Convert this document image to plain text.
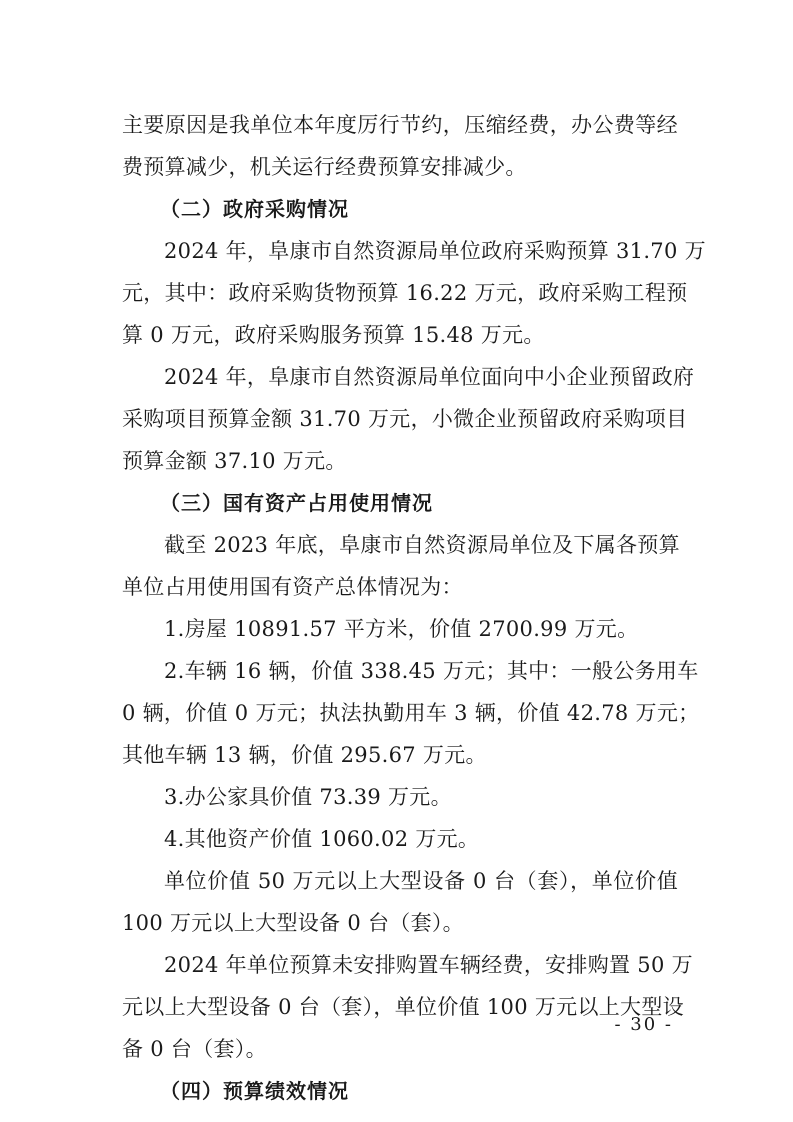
主要原因是我单位本年度厉行节约，压缩经费，办公费等经
费预算减少，机关运行经费预算安排减少。
（二）政府采购情况
2024 年，阜康市自然资源局单位政府采购预算 31.70 万
元，其中：政府采购货物预算 16.22 万元，政府采购工程预
算 0 万元，政府采购服务预算 15.48 万元。
2024 年，阜康市自然资源局单位面向中小企业预留政府
采购项目预算金额 31.70 万元，小微企业预留政府采购项目
预算金额 37.10 万元。
（三）国有资产占用使用情况
截至 2023 年底，阜康市自然资源局单位及下属各预算
单位占用使用国有资产总体情况为：
1.房屋 10891.57 平方米，价值 2700.99 万元。
2.车辆 16 辆，价值 338.45 万元；其中：一般公务用车
0 辆，价值 0 万元；执法执勤用车 3 辆，价值 42.78 万元；
其他车辆 13 辆，价值 295.67 万元。
3.办公家具价值 73.39 万元。
4.其他资产价值 1060.02 万元。
单位价值 50 万元以上大型设备 0 台（套），单位价值
100 万元以上大型设备 0 台（套）。
2024 年单位预算未安排购置车辆经费，安排购置 50 万
元以上大型设备 0 台（套），单位价值 100 万元以上大型设
备 0 台（套）。
（四）预算绩效情况
- 30 -
